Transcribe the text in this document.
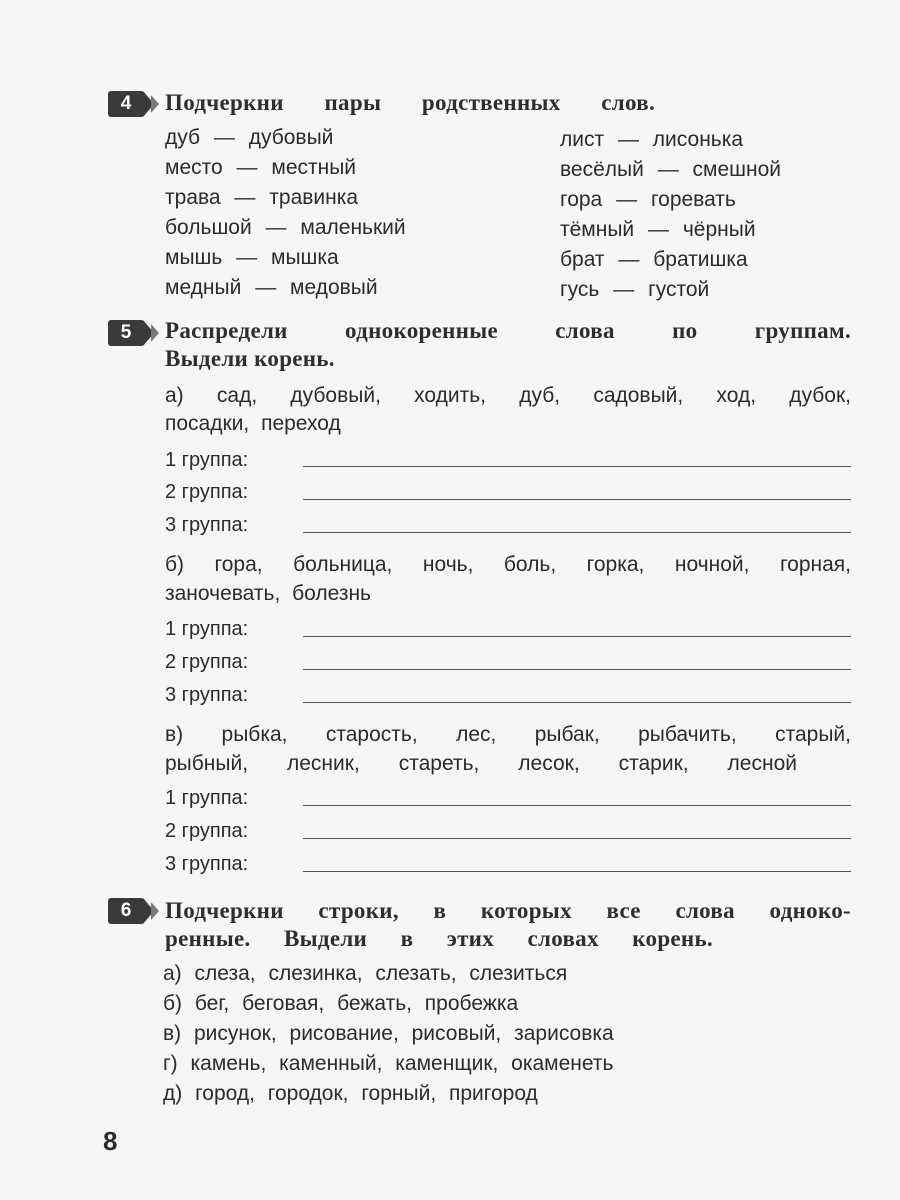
4	Подчеркни пары родственных слов.
дуб — дубовый
место — местный
трава — травинка
большой — маленький
мышь — мышка
медный — медовый
лист — лисонька
весёлый — смешной
гора — горевать
тёмный — чёрный
брат — братишка
гусь — густой
5	Распредели однокоренные слова по группам.
Выдели корень.
а) сад, дубовый, ходить, дуб, садовый, ход, дубок,
посадки, переход
1 группа:
2 группа:
3 группа:
б) гора, больница, ночь, боль, горка, ночной, горная,
заночевать, болезнь
1 группа:
2 группа:
3 группа:
в) рыбка, старость, лес, рыбак, рыбачить, старый,
рыбный, лесник, стареть, лесок, старик, лесной
1 группа:
2 группа:
3 группа:
6	Подчеркни строки, в которых все слова одноко-
ренные. Выдели в этих словах корень.
а) слеза, слезинка, слезать, слезиться
б) бег, беговая, бежать, пробежка
в) рисунок, рисование, рисовый, зарисовка
г) камень, каменный, каменщик, окаменеть
д) город, городок, горный, пригород
8
